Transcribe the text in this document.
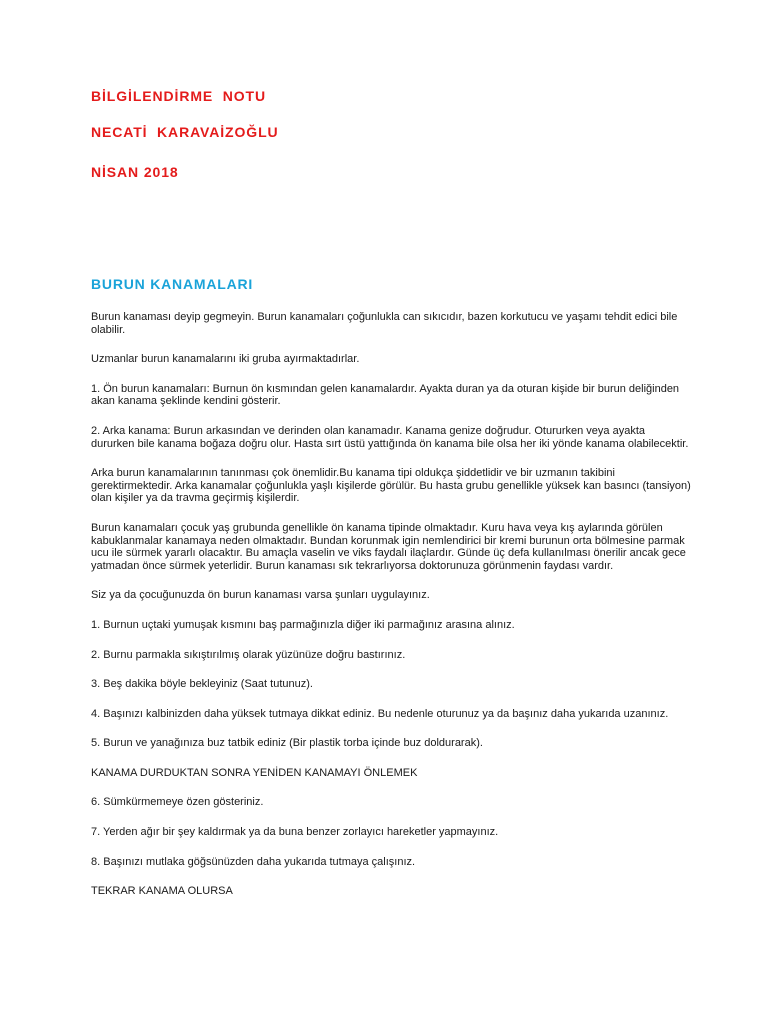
BİLGİLENDİRME  NOTU
NECATİ  KARAVAİZOĞLU
NİSAN 2018
BURUN KANAMALARI

Burun kanaması deyip gegmeyin. Burun kanamaları çoğunlukla can sıkıcıdır, bazen korkutucu ve yaşamı tehdit edici bile olabilir.

Uzmanlar burun kanamalarını iki gruba ayırmaktadırlar.

1. Ön burun kanamaları: Burnun ön kısmından gelen kanamalardır. Ayakta duran ya da oturan kişide bir burun deliğinden akan kanama şeklinde kendini gösterir.

2. Arka kanama: Burun arkasından ve derinden olan kanamadır. Kanama genize doğrudur. Otururken veya ayakta dururken bile kanama boğaza doğru olur. Hasta sırt üstü yattığında ön kanama bile olsa her iki yönde kanama olabilecektir.

Arka burun kanamalarının tanınması çok önemlidir.Bu kanama tipi oldukça şiddetlidir ve bir uzmanın takibini gerektirmektedir. Arka kanamalar çoğunlukla yaşlı kişilerde görülür. Bu hasta grubu genellikle yüksek kan basıncı (tansiyon) olan kişiler ya da travma geçirmiş kişilerdir.

Burun kanamaları çocuk yaş grubunda genellikle ön kanama tipinde olmaktadır. Kuru hava veya kış aylarında görülen kabuklanmalar kanamaya neden olmaktadır. Bundan korunmak igin nemlendirici bir kremi burunun orta bölmesine parmak ucu ile sürmek yararlı olacaktır. Bu amaçla vaselin ve viks faydalı ilaçlardır. Günde üç defa kullanılması önerilir ancak gece yatmadan önce sürmek yeterlidir. Burun kanaması sık tekrarlıyorsa doktorunuza görünmenin faydası vardır.

Siz ya da çocuğunuzda ön burun kanaması varsa şunları uygulayınız.

1. Burnun uçtaki yumuşak kısmını baş parmağınızla diğer iki parmağınız arasına alınız.

2. Burnu parmakla sıkıştırılmış olarak yüzünüze doğru bastırınız.

3. Beş dakika böyle bekleyiniz (Saat tutunuz).

4. Başınızı kalbinizden daha yüksek tutmaya dikkat ediniz. Bu nedenle oturunuz ya da başınız daha yukarıda uzanınız.

5. Burun ve yanağınıza buz tatbik ediniz (Bir plastik torba içinde buz doldurarak).

KANAMA DURDUKTAN SONRA YENİDEN KANAMAYI ÖNLEMEK

6. Sümkürmemeye özen gösteriniz.

7. Yerden ağır bir şey kaldırmak ya da buna benzer zorlayıcı hareketler yapmayınız.

8. Başınızı mutlaka göğsünüzden daha yukarıda tutmaya çalışınız.

TEKRAR KANAMA OLURSA
